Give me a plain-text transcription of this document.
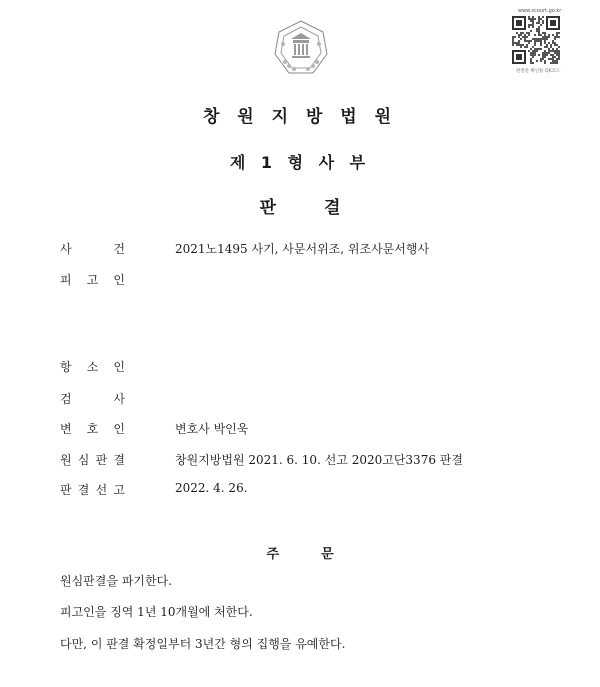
www.scourt.go.kr
판결문 확인용 QR코드
창 원 지 방 법 원
제 1 형 사 부
판결
사	건	2021노1495 사기, 사문서위조, 위조사문서행사
피 고 인
항 소 인
검	사
변 호 인	변호사 박인욱
원 심 판 결	창원지방법원 2021. 6. 10. 선고 2020고단3376 판결
판 결 선 고	2022. 4. 26.
주문
원심판결을 파기한다.
피고인을 징역 1년 10개월에 처한다.
다만, 이 판결 확정일부터 3년간 형의 집행을 유예한다.
